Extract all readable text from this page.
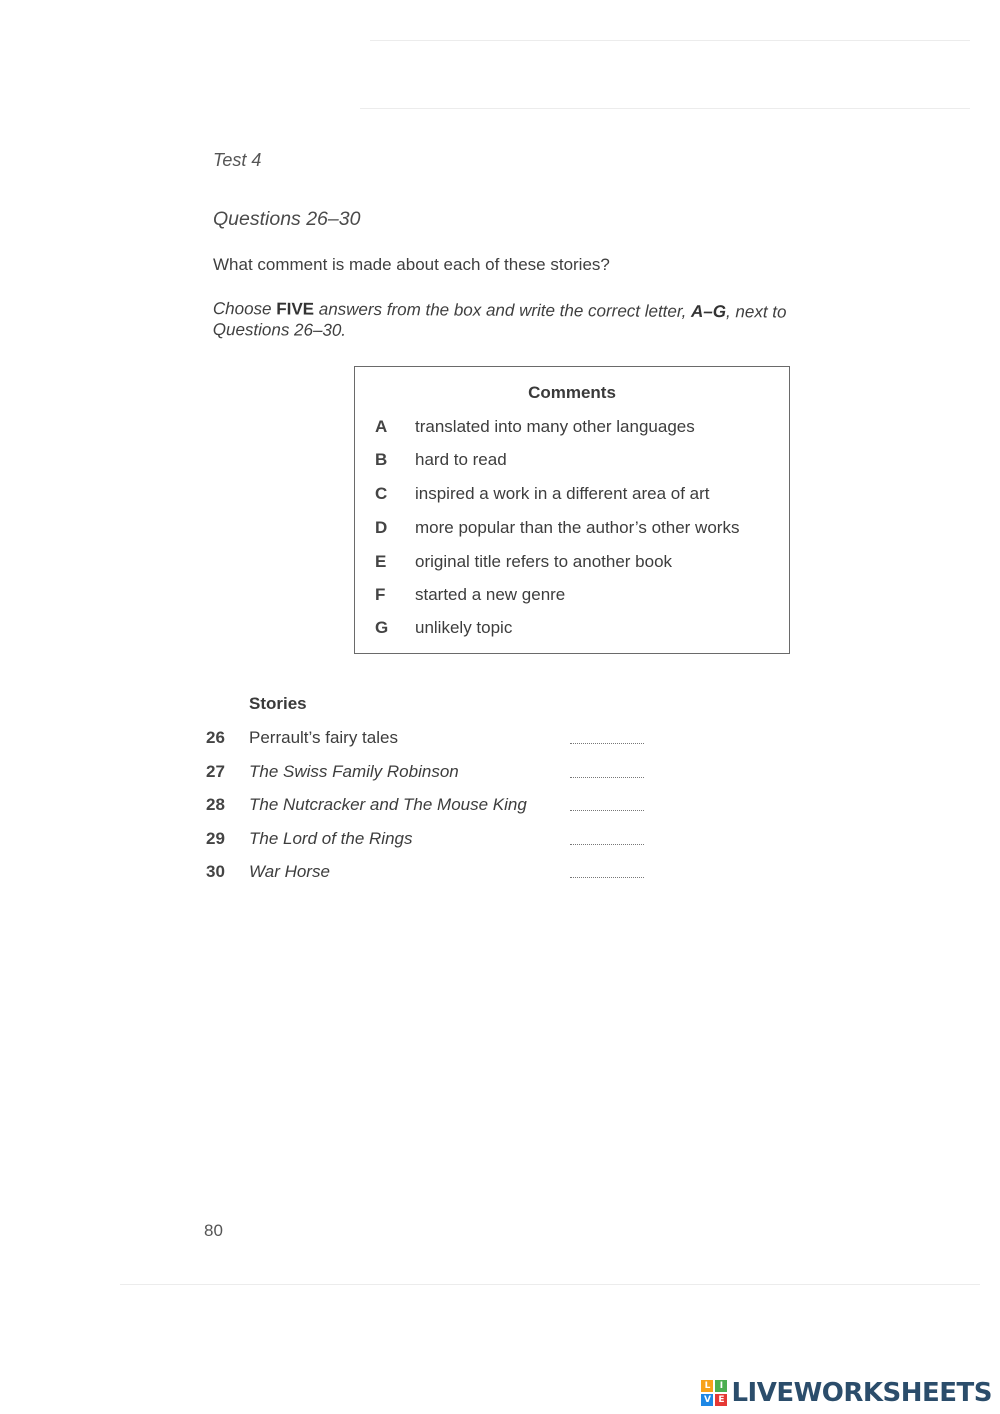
Test 4
Questions 26–30
What comment is made about each of these stories?
Choose FIVE answers from the box and write the correct letter, A–G, next to Questions 26–30.
Comments
A translated into many other languages
B hard to read
C inspired a work in a different area of art
D more popular than the author’s other works
E original title refers to another book
F started a new genre
G unlikely topic
Stories
26 Perrault’s fairy tales
27 The Swiss Family Robinson
28 The Nutcracker and The Mouse King
29 The Lord of the Rings
30 War Horse
80
L	I
V E LIVEWORKSHEETS
